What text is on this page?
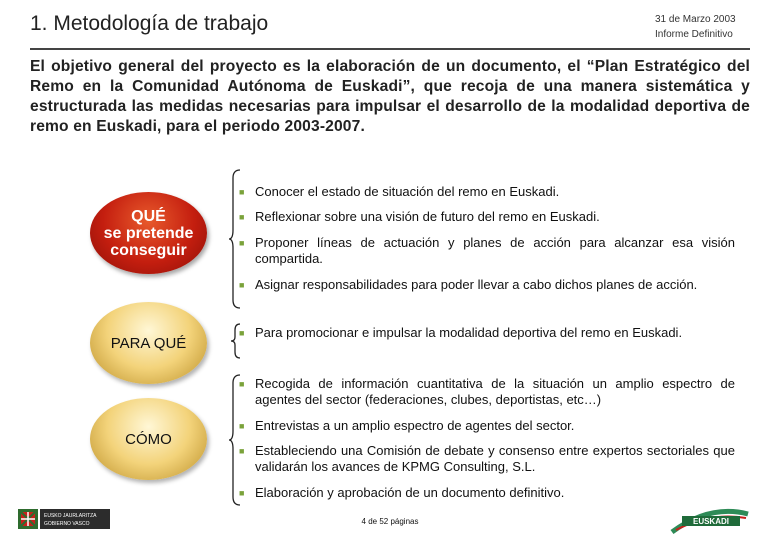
1. Metodología de trabajo	31 de Marzo 2003
Informe Definitivo
El objetivo general del proyecto es la elaboración de un documento, el “Plan Estratégico del Remo en la Comunidad Autónoma de Euskadi”, que recoja de una manera sistemática y estructurada las medidas necesarias para impulsar el desarrollo de la modalidad deportiva de remo en Euskadi, para el periodo 2003-2007.
QUÉ
se pretende
conseguir
■ Conocer el estado de situación del remo en Euskadi.
■ Reflexionar sobre una visión de futuro del remo en Euskadi.
■ Proponer líneas de actuación y planes de acción para alcanzar esa visión compartida.
■ Asignar responsabilidades para poder llevar a cabo dichos planes de acción.
PARA QUÉ
■ Para promocionar e impulsar la modalidad deportiva del remo en Euskadi.
CÓMO
■ Recogida de información cuantitativa de la situación un amplio espectro de agentes del sector (federaciones, clubes, deportistas, etc…)
■ Entrevistas a un amplio espectro de agentes del sector.
■ Estableciendo una Comisión de debate y consenso entre expertos sectoriales que validarán los avances de KPMG Consulting, S.L.
■ Elaboración y aprobación de un documento definitivo.
EUSKO JAURLARITZA
GOBIERNO VASCO	4 de 52 páginas	EUSKADI
